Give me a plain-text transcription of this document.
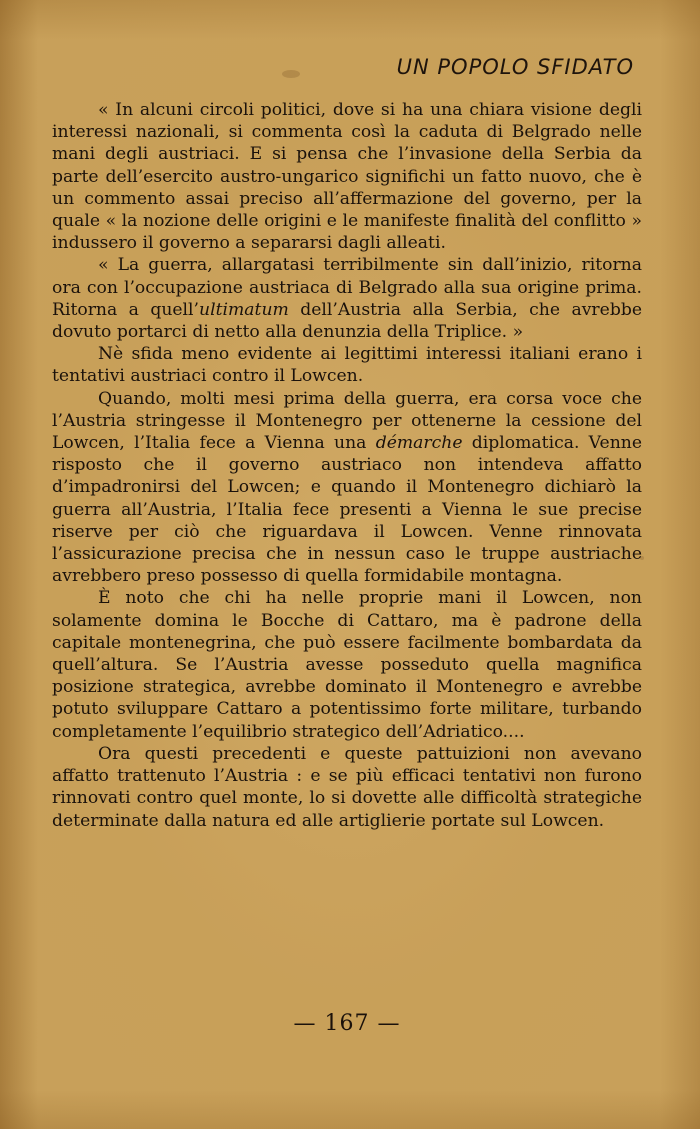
UN POPOLO SFIDATO

« In alcuni circoli politici, dove si ha una chiara visione degli interessi nazionali, si commenta così la caduta di Belgrado nelle mani degli austriaci. E si pensa che l’invasione della Serbia da parte dell’esercito austro-ungarico significhi un fatto nuovo, che è un commento assai preciso all’affermazione del governo, per la quale « la nozione delle origini e le manifeste finalità del conflitto » indussero il governo a separarsi dagli alleati.

« La guerra, allargatasi terribilmente sin dall’inizio, ritorna ora con l’occupazione austriaca di Belgrado alla sua origine prima. Ritorna a quell’ultimatum dell’Austria alla Serbia, che avrebbe dovuto portarci di netto alla denunzia della Triplice. »

Nè sfida meno evidente ai legittimi interessi italiani erano i tentativi austriaci contro il Lowcen.

Quando, molti mesi prima della guerra, era corsa voce che l’Austria stringesse il Montenegro per ottenerne la cessione del Lowcen, l’Italia fece a Vienna una démarche diplomatica. Venne risposto che il governo austriaco non intendeva affatto d’impadronirsi del Lowcen; e quando il Montenegro dichiarò la guerra all’Austria, l’Italia fece presenti a Vienna le sue precise riserve per ciò che riguardava il Lowcen. Venne rinnovata l’assicurazione precisa che in nessun caso le truppe austriache avrebbero preso possesso di quella formidabile montagna.

È noto che chi ha nelle proprie mani il Lowcen, non solamente domina le Bocche di Cattaro, ma è padrone della capitale montenegrina, che può essere facilmente bombardata da quell’altura. Se l’Austria avesse posseduto quella magnifica posizione strategica, avrebbe dominato il Montenegro e avrebbe potuto sviluppare Cattaro a potentissimo forte militare, turbando completamente l’equilibrio strategico dell’Adriatico....

Ora questi precedenti e queste pattuizioni non avevano affatto trattenuto l’Austria : e se più efficaci tentativi non furono rinnovati contro quel monte, lo si dovette alle difficoltà strategiche determinate dalla natura ed alle artiglierie portate sul Lowcen.

— 167 —
